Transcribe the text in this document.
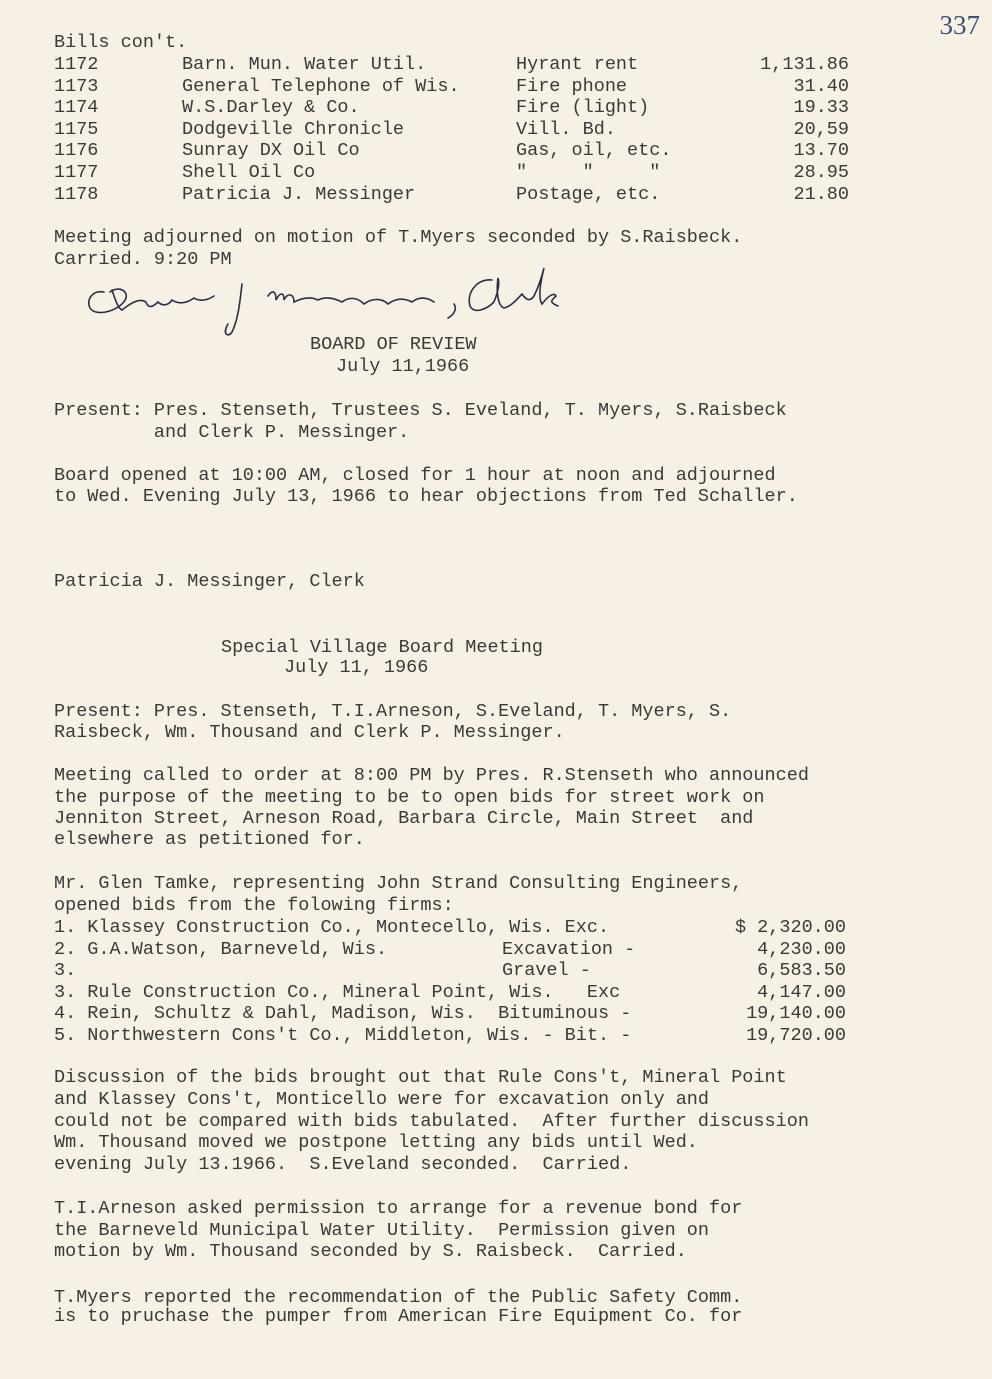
337
Bills con't.
1172	Barn. Mun. Water Util.	Hyrant rent	1,131.86
1173	General Telephone of Wis.	Fire phone	31.40
1174	W.S.Darley & Co.	Fire (light)	19.33
1175	Dodgeville Chronicle	Vill. Bd.	20,59
1176	Sunray DX Oil Co	Gas, oil, etc.	13.70
1177	Shell Oil Co	"     "     "	28.95
1178	Patricia J. Messinger	Postage, etc.	21.80
Meeting adjourned on motion of T.Myers seconded by S.Raisbeck.
Carried. 9:20 PM
BOARD OF REVIEW
July 11,1966
Present: Pres. Stenseth, Trustees S. Eveland, T. Myers, S.Raisbeck
and Clerk P. Messinger.
Board opened at 10:00 AM, closed for 1 hour at noon and adjourned
to Wed. Evening July 13, 1966 to hear objections from Ted Schaller.
Patricia J. Messinger, Clerk
Special Village Board Meeting
July 11, 1966
Present: Pres. Stenseth, T.I.Arneson, S.Eveland, T. Myers, S.
Raisbeck, Wm. Thousand and Clerk P. Messinger.
Meeting called to order at 8:00 PM by Pres. R.Stenseth who announced
the purpose of the meeting to be to open bids for street work on
Jenniton Street, Arneson Road, Barbara Circle, Main Street  and
elsewhere as petitioned for.
Mr. Glen Tamke, representing John Strand Consulting Engineers,
opened bids from the folowing firms:
1. Klassey Construction Co., Montecello, Wis. Exc.	$ 2,320.00
2. G.A.Watson, Barneveld, Wis.	Excavation -	4,230.00
3.	Gravel -	6,583.50
3. Rule Construction Co., Mineral Point, Wis.   Exc	4,147.00
4. Rein, Schultz & Dahl, Madison, Wis.  Bituminous -	19,140.00
5. Northwestern Cons't Co., Middleton, Wis. - Bit. -	19,720.00
Discussion of the bids brought out that Rule Cons't, Mineral Point
and Klassey Cons't, Monticello were for excavation only and
could not be compared with bids tabulated.  After further discussion
Wm. Thousand moved we postpone letting any bids until Wed.
evening July 13.1966.  S.Eveland seconded.  Carried.
T.I.Arneson asked permission to arrange for a revenue bond for
the Barneveld Municipal Water Utility.  Permission given on
motion by Wm. Thousand seconded by S. Raisbeck.  Carried.
T.Myers reported the recommendation of the Public Safety Comm.
is to pruchase the pumper from American Fire Equipment Co. for
